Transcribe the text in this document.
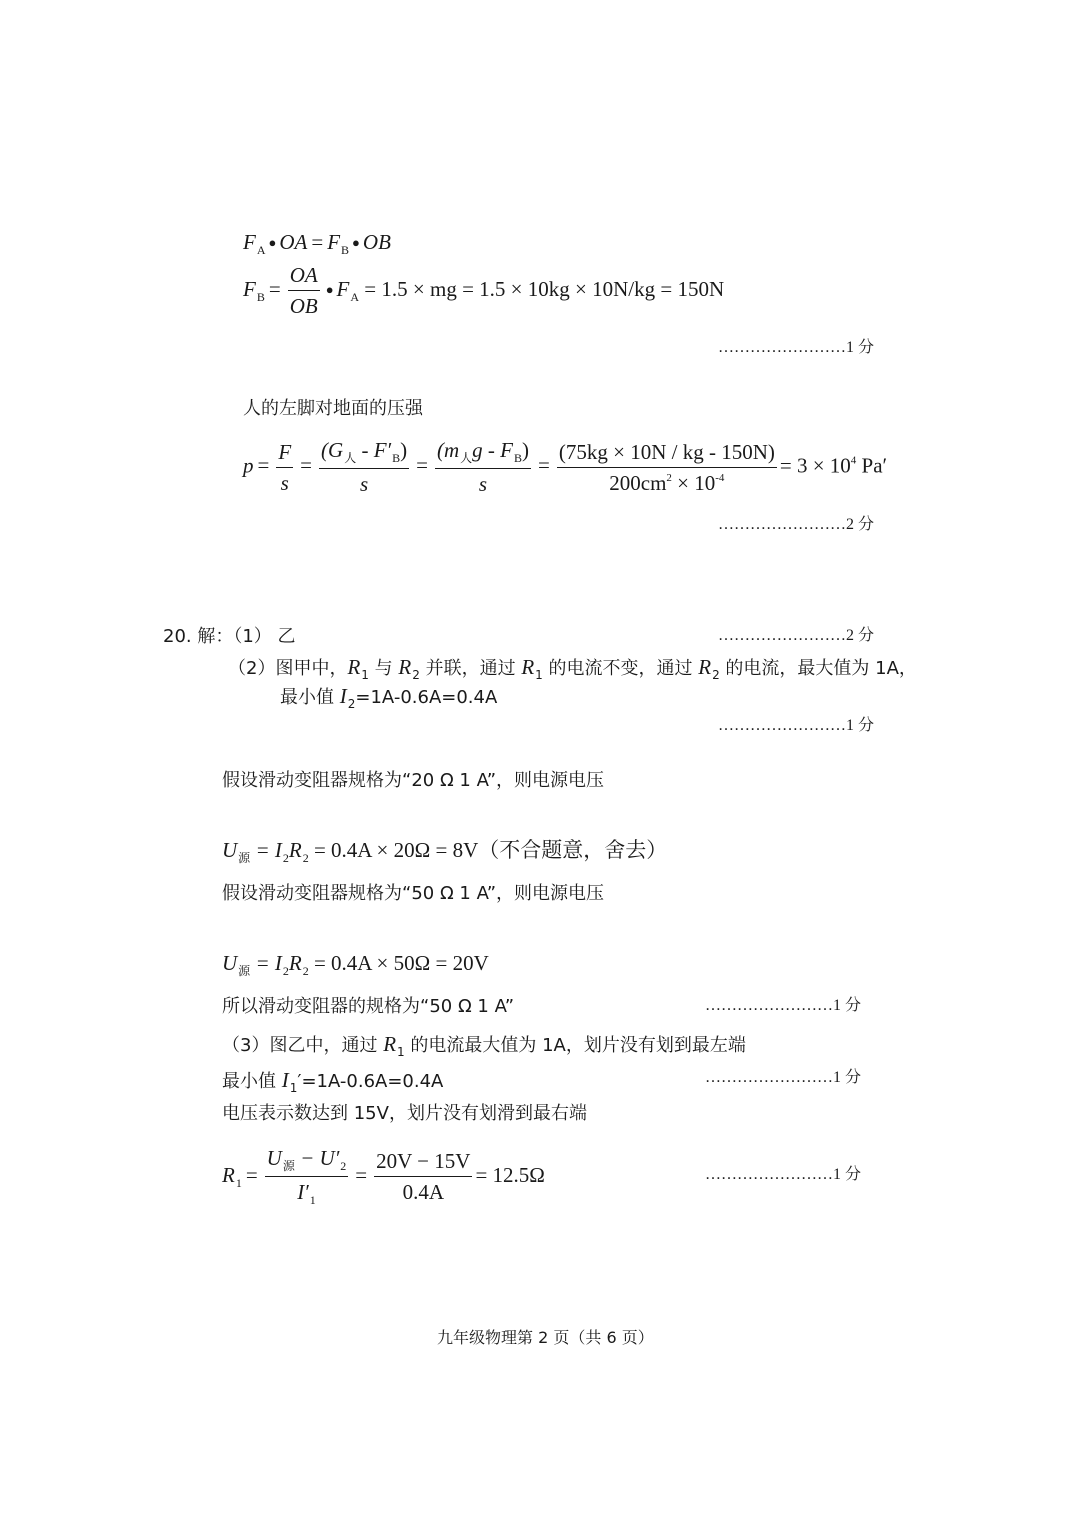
$F_A$ ● OA = $F_B$ ● OB
$F_B = \frac{OA}{OB}$ ● $F_A = 1.5$ × mg = 1.5 × 10kg × 10N/kg = 150N
……………………1 分
人的左脚对地面的压强
$p = \frac{F}{s} = \frac{(G_人 - F'_B)}{s} = \frac{(m_人g - F_B)}{s} = \frac{(75kg \times 10N / kg - 150N)}{200cm^2 \times 10^{-4}} = 3 \times 10^4$ Pa′
……………………2 分
20. 解：（1） 乙	……………………2 分
（2）图甲中，$R_1$ 与 $R_2$ 并联，通过 $R_1$ 的电流不变，通过 $R_2$ 的电流，最大值为 1A，
最小值 $I_2=1A-0.6A=0.4A$
……………………1 分
假设滑动变阻器规格为“20 Ω 1 A”，则电源电压
$U_源 = I_2R_2 = 0.4A \times 20\Omega = 8V$（不合题意，舍去）
假设滑动变阻器规格为“50 Ω 1 A”，则电源电压
$U_源 = I_2R_2 = 0.4A \times 50\Omega = 20V$
所以滑动变阻器的规格为“50 Ω 1 A”	……………………1 分
（3）图乙中，通过 $R_1$ 的电流最大值为 1A，划片没有划到最左端
最小值 $I_1'=1A-0.6A=0.4A$	……………………1 分
电压表示数达到 15V，划片没有划滑到最右端
$R_1 = \frac{U_源 - U'_2}{I'_1} = \frac{20V - 15V}{0.4A} = 12.5\Omega$	……………………1 分
九年级物理第 2 页（共 6 页）
